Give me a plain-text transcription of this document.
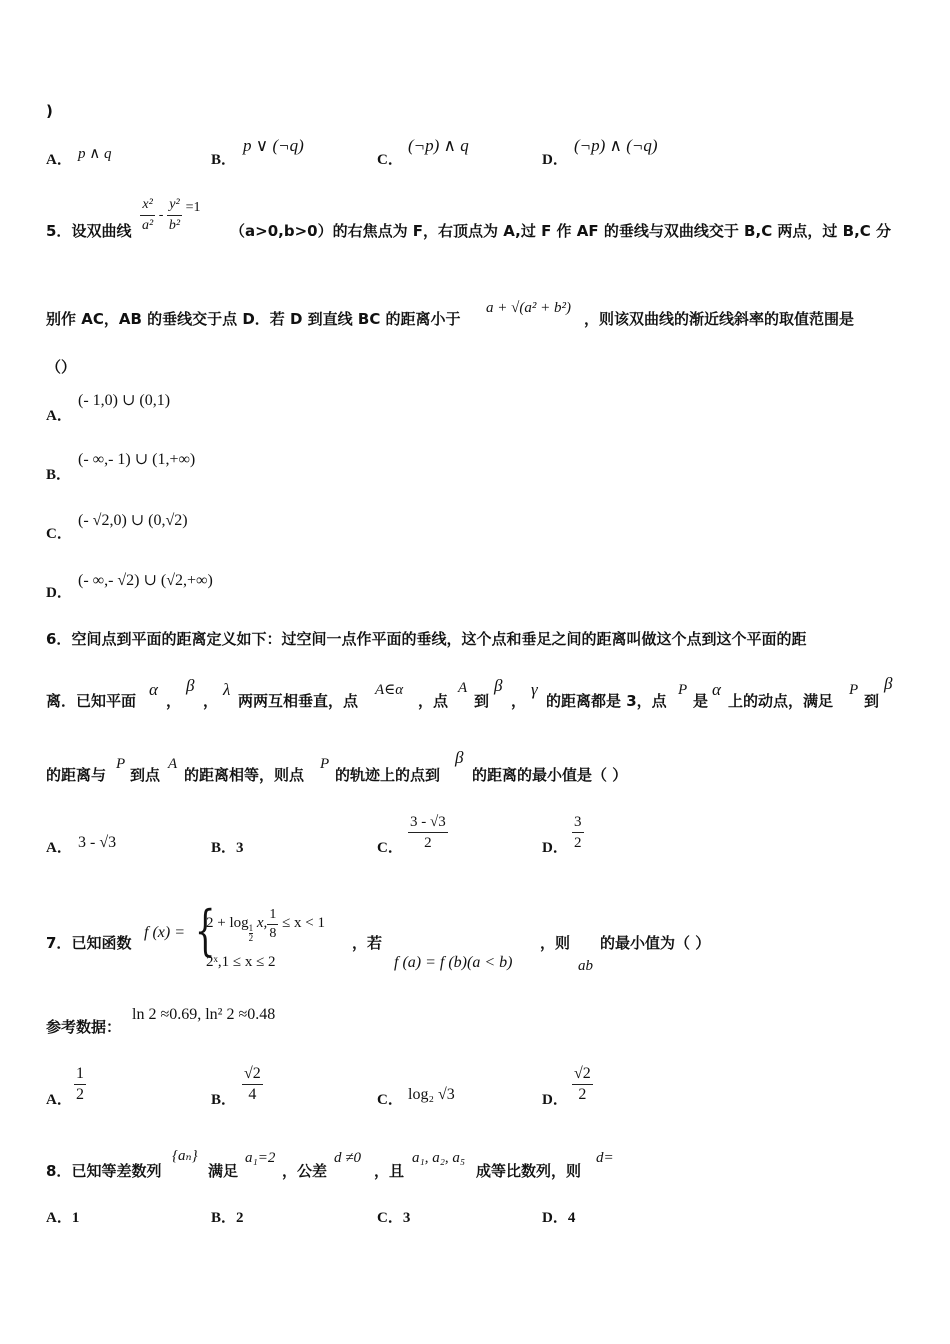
)
A． p ∧ q	B．
p ∨ (¬q)
C．
(¬p) ∧ q
D．
(¬p) ∧ (¬q)
5．设双曲线 $\frac{\text{x²}}{\text{a²}} - \frac{\text{y²}}{\text{b²}} =1$
（a>0,b>0）的右焦点为 F，右顶点为 A,过 F 作 AF 的垂线与双曲线交于 B,C 两点，过 B,C 分
别作 AC，AB 的垂线交于点 D．若 D 到直线 BC 的距离小于
a + √(a² + b²)
，则该双曲线的渐近线斜率的取值范围是
（）
A．
(- 1,0) ∪ (0,1)
B．
(- ∞,- 1) ∪ (1,+∞)
C．
(- √2,0) ∪ (0,√2)
D．
(- ∞,- √2) ∪ (√2,+∞)
6．空间点到平面的距离定义如下：过空间一点作平面的垂线，这个点和垂足之间的距离叫做这个点到这个平面的距
离．已知平面
α
，
β
，
λ
两两互相垂直，点
A∈α
，点
A
到
β
，
γ
的距离都是 3，点
P
是
α
上的动点，满足
P
到
β
的距离与
P
到点
A
的距离相等，则点
P
的轨迹上的点到
β
的距离的最小值是（ ）
A． 3 - √3	B．3	C． $\frac{3 - √3}{2}$	D． $\frac{3}{2}$
7．已知函数
f (x) = {
2 + log
$\frac{1}{2}$
x, $\frac{1}{8} \le x < 1$
2ˣ,1 ≤ x ≤ 2
，若
f (a) = f (b)(a < b)
，则
ab
的最小值为（ ）
参考数据：
ln 2 ≈0.69, ln² 2 ≈0.48
A． $\frac{1}{2}$	B． $\frac{√2}{4}$	C． log₂ √3	D． $\frac{√2}{2}$
8．已知等差数列
{aₙ}
满足
a₁=2
，公差
d ≠0
，且
a₁, a₂, a₅
成等比数列，则
d=
A．1	B．2	C．3	D．4
